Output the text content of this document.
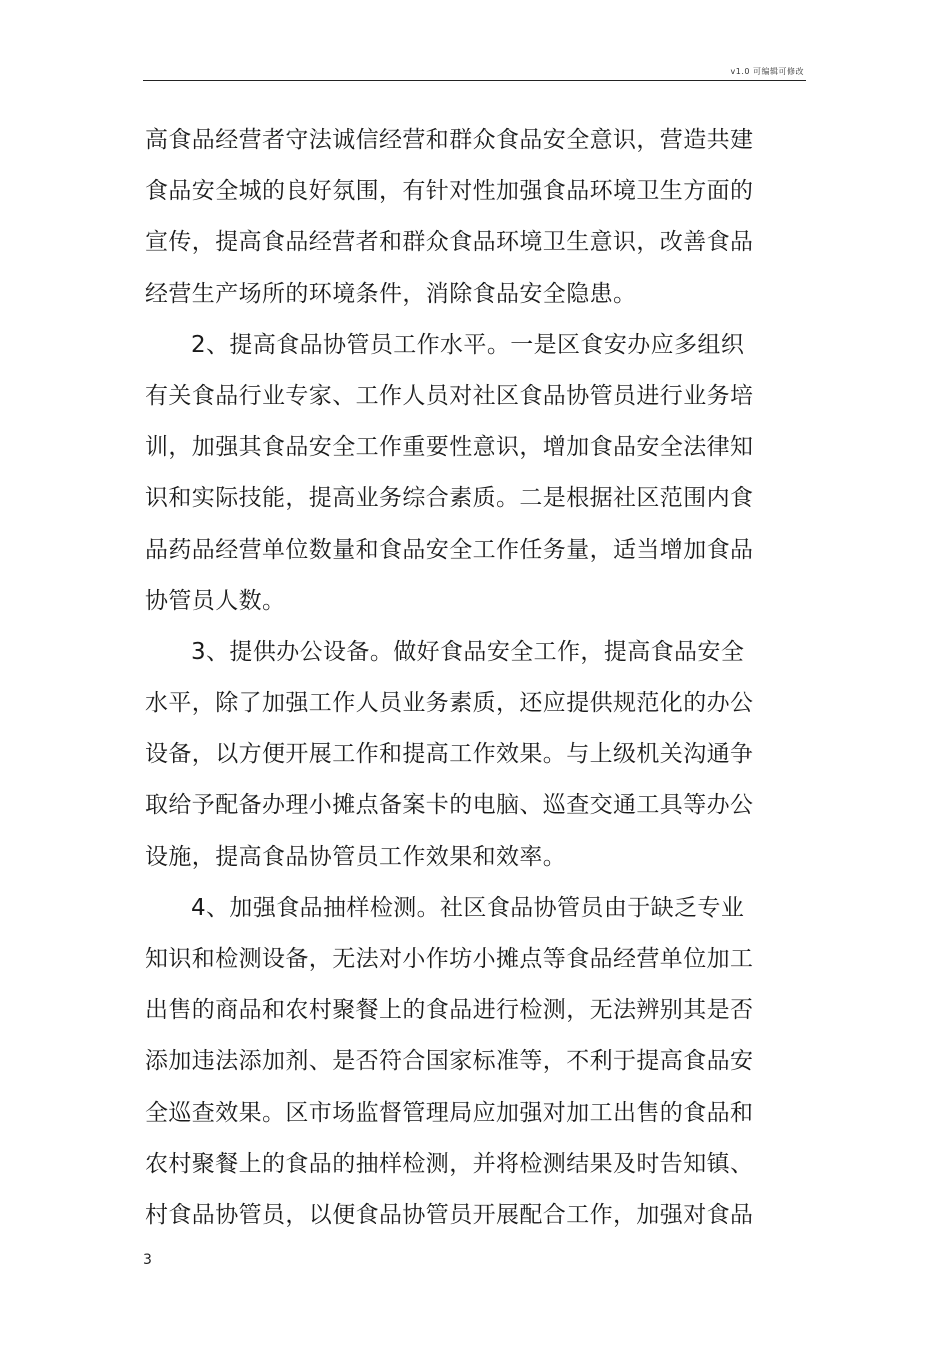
v1.0 可编辑可修改
高食品经营者守法诚信经营和群众食品安全意识，营造共建
食品安全城的良好氛围，有针对性加强食品环境卫生方面的
宣传，提高食品经营者和群众食品环境卫生意识，改善食品
经营生产场所的环境条件，消除食品安全隐患。
2、提高食品协管员工作水平。一是区食安办应多组织
有关食品行业专家、工作人员对社区食品协管员进行业务培
训，加强其食品安全工作重要性意识，增加食品安全法律知
识和实际技能，提高业务综合素质。二是根据社区范围内食
品药品经营单位数量和食品安全工作任务量，适当增加食品
协管员人数。
3、提供办公设备。做好食品安全工作，提高食品安全
水平，除了加强工作人员业务素质，还应提供规范化的办公
设备，以方便开展工作和提高工作效果。与上级机关沟通争
取给予配备办理小摊点备案卡的电脑、巡查交通工具等办公
设施，提高食品协管员工作效果和效率。
4、加强食品抽样检测。社区食品协管员由于缺乏专业
知识和检测设备，无法对小作坊小摊点等食品经营单位加工
出售的商品和农村聚餐上的食品进行检测，无法辨别其是否
添加违法添加剂、是否符合国家标准等，不利于提高食品安
全巡查效果。区市场监督管理局应加强对加工出售的食品和
农村聚餐上的食品的抽样检测，并将检测结果及时告知镇、
村食品协管员，以便食品协管员开展配合工作，加强对食品
3
